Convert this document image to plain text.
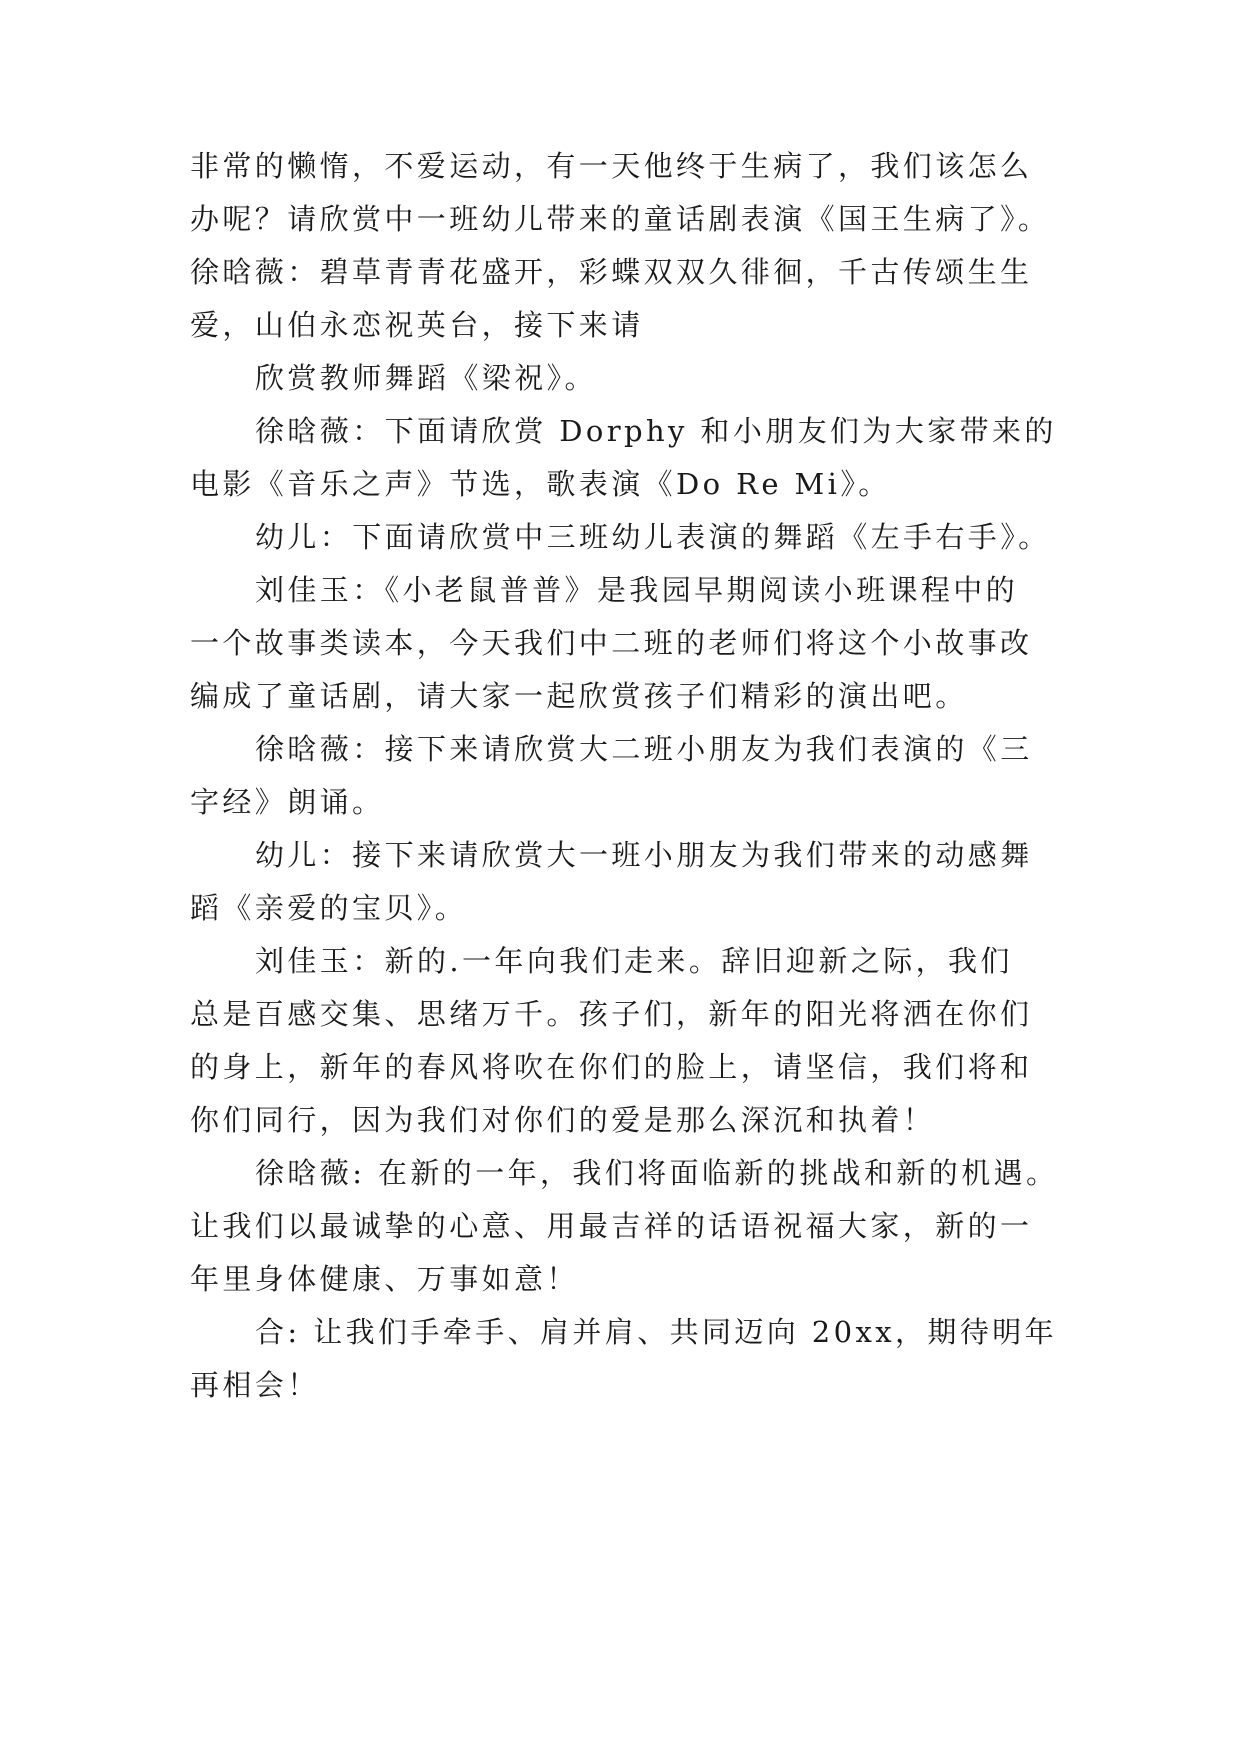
非常的懒惰，不爱运动，有一天他终于生病了，我们该怎么
办呢？请欣赏中一班幼儿带来的童话剧表演《国王生病了》。
徐晗薇：碧草青青花盛开，彩蝶双双久徘徊，千古传颂生生
爱，山伯永恋祝英台，接下来请
欣赏教师舞蹈《梁祝》。
徐晗薇：下面请欣赏 Dorphy 和小朋友们为大家带来的
电影《音乐之声》节选，歌表演《Do Re Mi》。
幼儿：下面请欣赏中三班幼儿表演的舞蹈《左手右手》。
刘佳玉：《小老鼠普普》是我园早期阅读小班课程中的
一个故事类读本，今天我们中二班的老师们将这个小故事改
编成了童话剧，请大家一起欣赏孩子们精彩的演出吧。
徐晗薇：接下来请欣赏大二班小朋友为我们表演的《三
字经》朗诵。
幼儿：接下来请欣赏大一班小朋友为我们带来的动感舞
蹈《亲爱的宝贝》。
刘佳玉：新的.一年向我们走来。辞旧迎新之际，我们
总是百感交集、思绪万千。孩子们，新年的阳光将洒在你们
的身上，新年的春风将吹在你们的脸上，请坚信，我们将和
你们同行，因为我们对你们的爱是那么深沉和执着！
徐晗薇: 在新的一年，我们将面临新的挑战和新的机遇。
让我们以最诚挚的心意、用最吉祥的话语祝福大家，新的一
年里身体健康、万事如意！
合: 让我们手牵手、肩并肩、共同迈向 20xx，期待明年
再相会！
